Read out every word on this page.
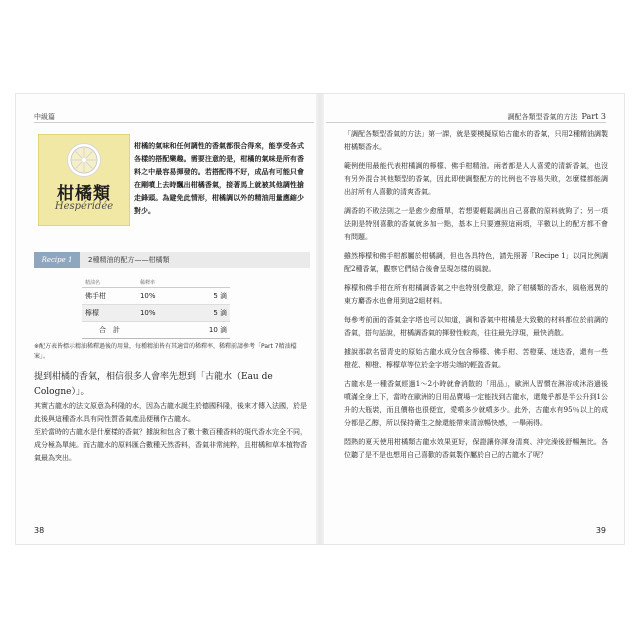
中級篇
柑橘類
Hespéridée

柑橘的氣味和任何調性的香氣都很合得來，能享受各式各樣的搭配樂趣。需要注意的是，柑橘的氣味是所有香料之中最容易揮發的。若搭配得不好，成品有可能只會在剛噴上去時飄出柑橘香氣，接著馬上就被其他調性搶走鋒頭。為避免此情形，柑橘調以外的精油用量應縮少對少。

Recipe 1	2種精油的配方——柑橘類
精油名	稀釋率	
佛手柑	10%	5 滴
檸檬	10%	5 滴
合　計		10 滴
※配方表皆標示精油稀釋過後的用量，每種精油皆有其適當的稀釋率，稀釋前請參考「Part 7精油檔案」。

提到柑橘的香氣，相信很多人會率先想到「古龍水（Eau de Cologne）」。

其實古龍水的法文原意為科隆的水，因為古龍水誕生於德國科隆，後來才傳入法國，於是此後與這種香水具有同性質香氣產品便稱作古龍水。

至於當時的古龍水是什麼樣的香氣？據說和包含了數十數百種香料的現代香水完全不同，成分極為單純。而古龍水的原料匯合數種天然香料，香氣非常純粹，且柑橘和草本植物香氣最為突出。

38
調配各類型香氣的方法 Part 3

「調配各類型香氣的方法」第一課，就是要模擬原始古龍水的香氣，只用2種精油調製柑橘類香水。

範例使用最能代表柑橘調的檸檬、佛手柑精油。兩者都是人人喜愛的清新香氣，也沒有另外混合其他類型的香氣，因此即使調整配方的比例也不容易失敗，怎麼樣都能調出討所有人喜歡的清爽香氣。

調香的不敗法則之一是愈少愈簡單，若想要輕鬆調出自己喜歡的原料就夠了；另一項法則是特別喜歡的香氣就多加一點，基本上只要遵照這兩項，平數以上的配方都不會有問題。

雖然檸檬和佛手柑都屬於柑橘調，但也各具特色，請先照著「Recipe 1」以同比例調配2種香氣，觀察它們結合後會呈現怎樣的風貌。

檸檬和佛手柑在所有柑橘調香氣之中也特別受歡迎，除了柑橘類的香水，風格迥異的東方麝香水也會用到這2組材料。

每參考前面的香氣金字塔也可以知道，調和香氣中柑橘是大致數的材料都位於前調的香氣，搭句話說，柑橘調香氣的揮發性較高，往往最先浮現，最快消散。

據說那款名留青史的原始古龍水成分包含檸檬、佛手柑、苦橙葉、迷迭香，還有一些橙花、柳橙、檸檬草等位於金字塔尖端的輕盈香氣。

古龍水是一種香氣經過1～2小時就會消散的「用品」，歐洲人習慣在淋浴或沐浴過後噴滿全身上下，當時在歐洲的日用品賣場一定能找到古龍水，還幾乎都是半公升到1公升的大瓶裝，而且價格也很便宜，愛噴多少就噴多少。此外，古龍水有95％以上的成分都是乙醇，所以保持衛生之餘還能帶來清涼暢快感，一舉兩得。

悶熱的夏天使用柑橘類古龍水效果更好，保證讓你渾身清爽、沖完澡後舒暢無比。各位聽了是不是也想用自己喜歡的香氣製作屬於自己的古龍水了呢？

39
